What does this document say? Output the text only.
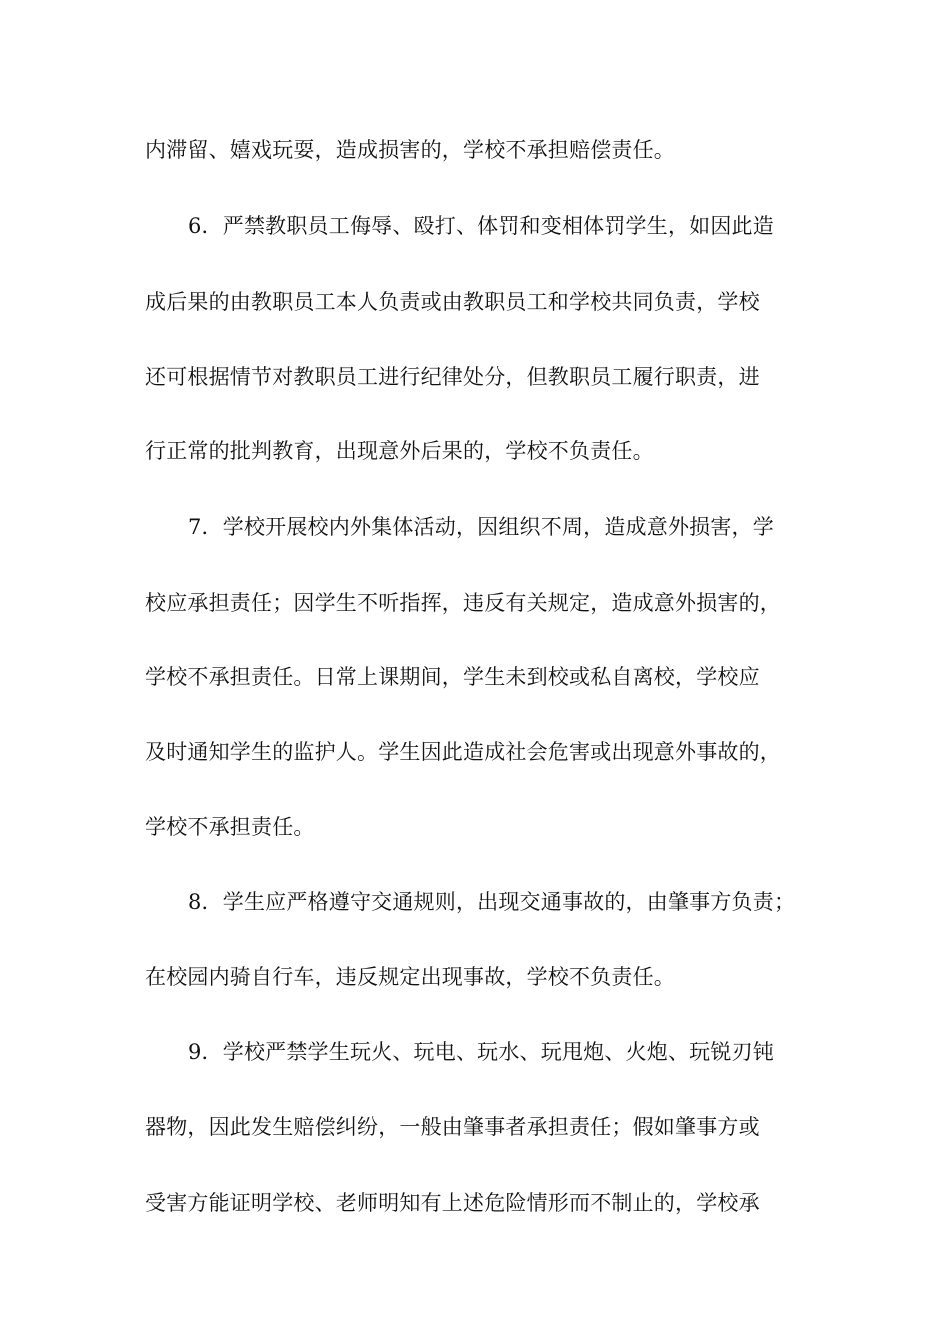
内滞留、嬉戏玩耍，造成损害的，学校不承担赔偿责任。
6．严禁教职员工侮辱、殴打、体罚和变相体罚学生，如因此造
成后果的由教职员工本人负责或由教职员工和学校共同负责，学校
还可根据情节对教职员工进行纪律处分，但教职员工履行职责，进
行正常的批判教育，出现意外后果的，学校不负责任。
7．学校开展校内外集体活动，因组织不周，造成意外损害，学
校应承担责任；因学生不听指挥，违反有关规定，造成意外损害的，
学校不承担责任。日常上课期间，学生未到校或私自离校，学校应
及时通知学生的监护人。学生因此造成社会危害或出现意外事故的，
学校不承担责任。
8．学生应严格遵守交通规则，出现交通事故的，由肇事方负责；
在校园内骑自行车，违反规定出现事故，学校不负责任。
9．学校严禁学生玩火、玩电、玩水、玩甩炮、火炮、玩锐刃钝
器物，因此发生赔偿纠纷，一般由肇事者承担责任；假如肇事方或
受害方能证明学校、老师明知有上述危险情形而不制止的，学校承
